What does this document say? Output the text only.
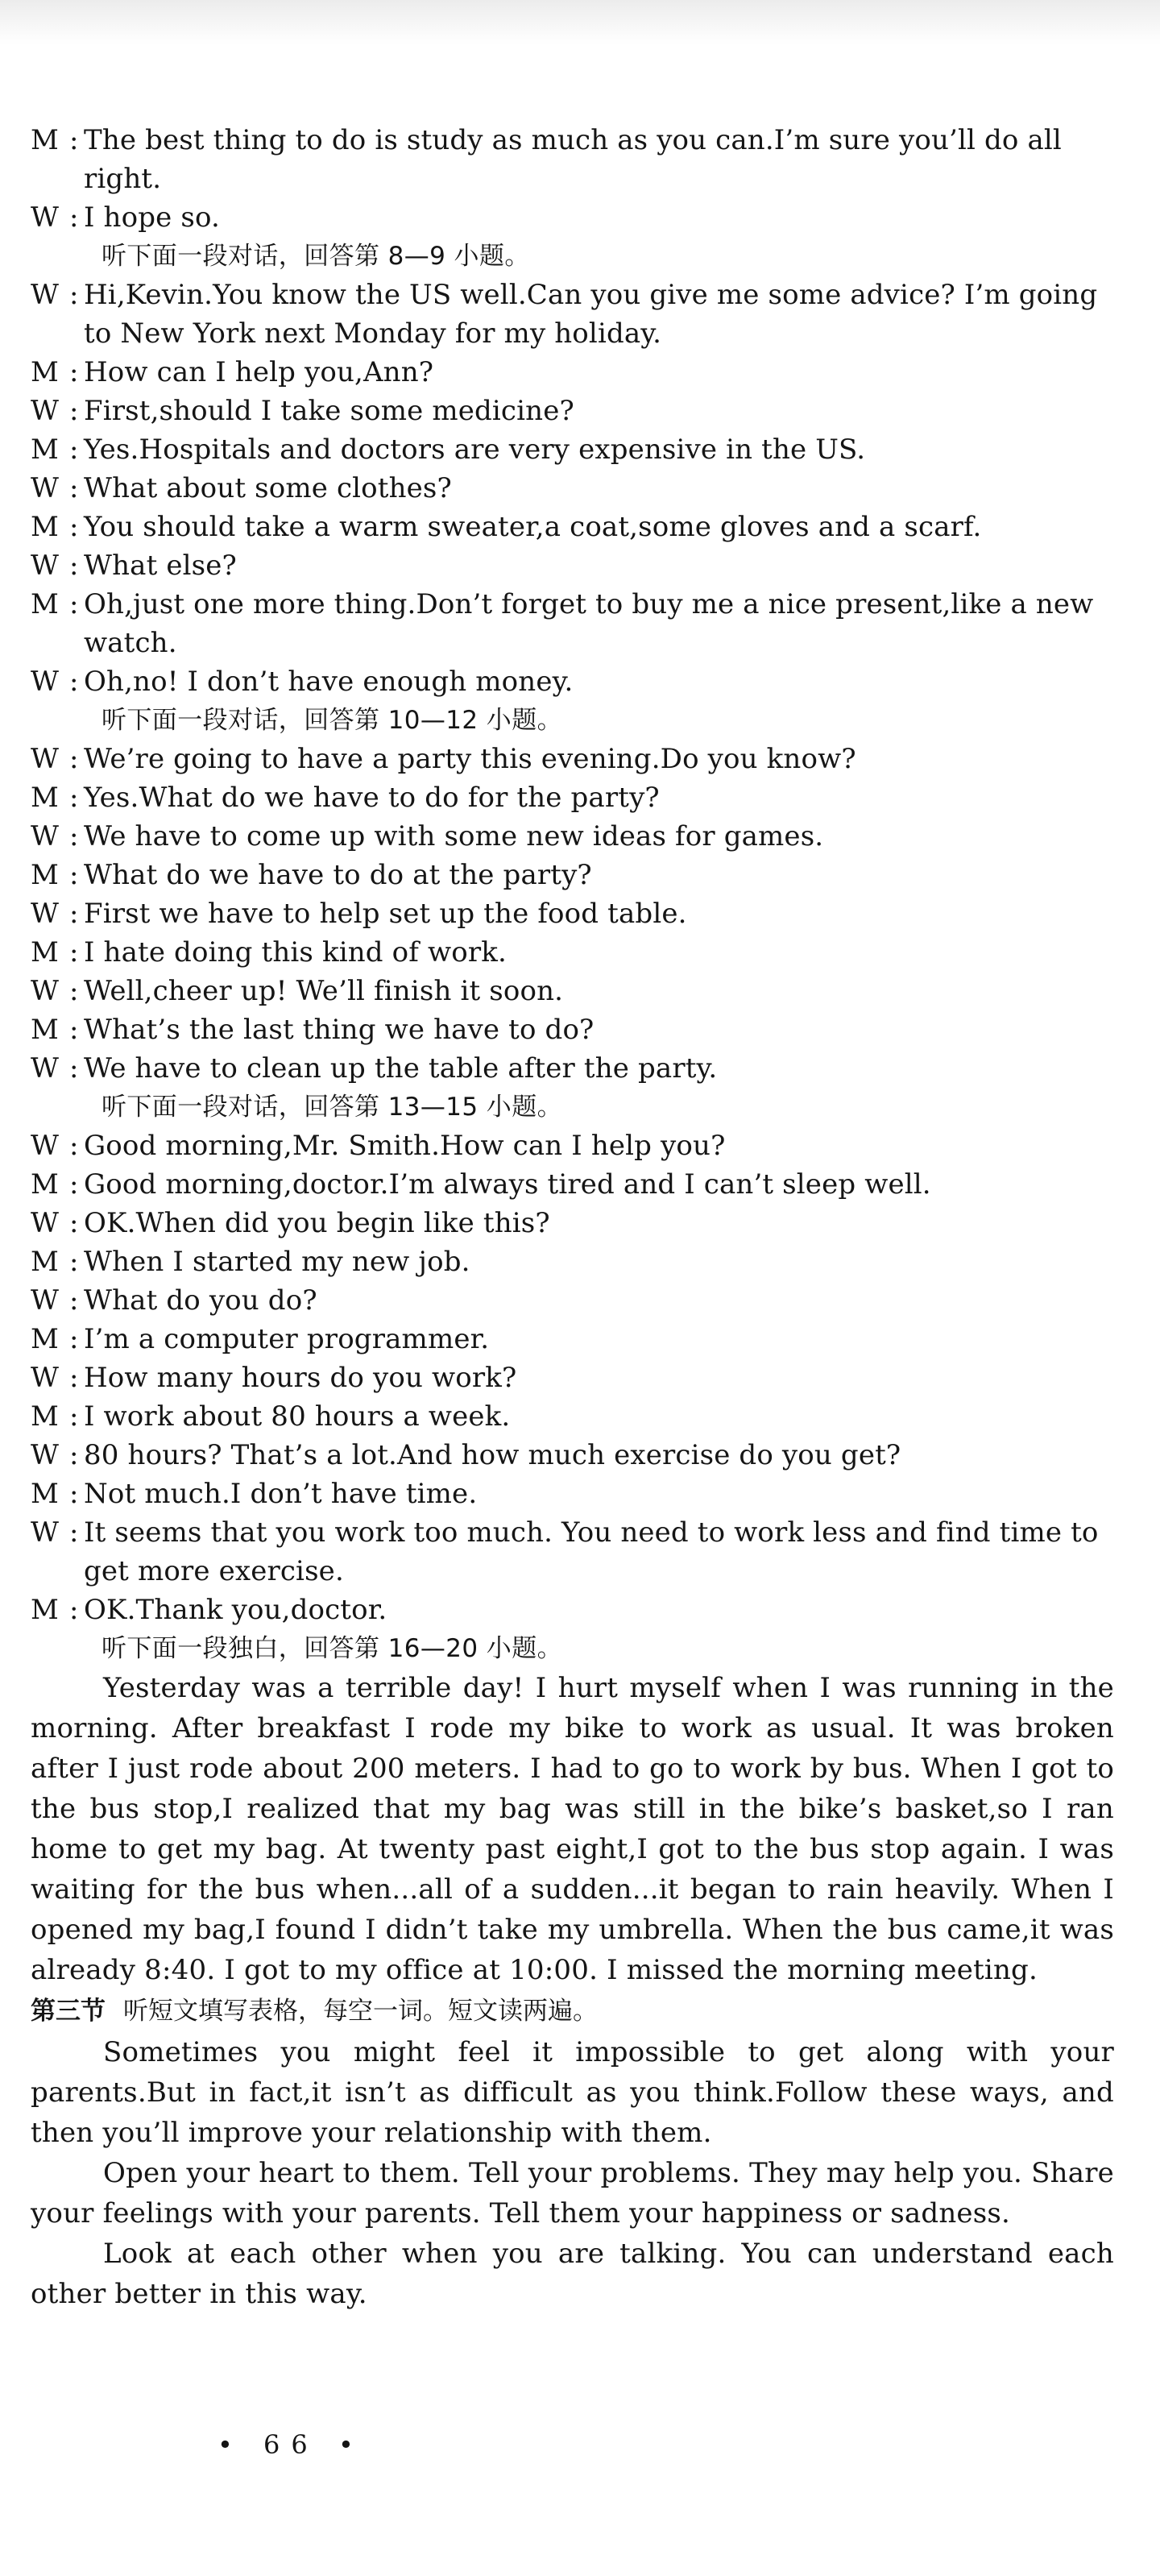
M : The best thing to do is study as much as you can.I’m sure you’ll do all right.
W : I hope so.
听下面一段对话，回答第 8—9 小题。
W : Hi,Kevin.You know the US well.Can you give me some advice? I’m going to New York next Monday for my holiday.
M : How can I help you,Ann?
W : First,should I take some medicine?
M : Yes.Hospitals and doctors are very expensive in the US.
W : What about some clothes?
M : You should take a warm sweater,a coat,some gloves and a scarf.
W : What else?
M : Oh,just one more thing.Don’t forget to buy me a nice present,like a new watch.
W : Oh,no! I don’t have enough money.
听下面一段对话，回答第 10—12 小题。
W : We’re going to have a party this evening.Do you know?
M : Yes.What do we have to do for the party?
W : We have to come up with some new ideas for games.
M : What do we have to do at the party?
W : First we have to help set up the food table.
M : I hate doing this kind of work.
W : Well,cheer up! We’ll finish it soon.
M : What’s the last thing we have to do?
W : We have to clean up the table after the party.
听下面一段对话，回答第 13—15 小题。
W : Good morning,Mr. Smith.How can I help you?
M : Good morning,doctor.I’m always tired and I can’t sleep well.
W : OK.When did you begin like this?
M : When I started my new job.
W : What do you do?
M : I’m a computer programmer.
W : How many hours do you work?
M : I work about 80 hours a week.
W : 80 hours? That’s a lot.And how much exercise do you get?
M : Not much.I don’t have time.
W : It seems that you work too much. You need to work less and find time to get more exercise.
M : OK.Thank you,doctor.
听下面一段独白，回答第 16—20 小题。

Yesterday was a terrible day! I hurt myself when I was running in the morning. After breakfast I rode my bike to work as usual. It was broken after I just rode about 200 meters. I had to go to work by bus. When I got to the bus stop,I realized that my bag was still in the bike’s basket,so I ran home to get my bag. At twenty past eight,I got to the bus stop again. I was waiting for the bus when...all of a sudden...it began to rain heavily. When I opened my bag,I found I didn’t take my umbrella. When the bus came,it was already 8:40. I got to my office at 10:00. I missed the morning meeting.

第三节 听短文填写表格，每空一词。短文读两遍。

Sometimes you might feel it impossible to get along with your parents.But in fact,it isn’t as difficult as you think.Follow these ways, and then you’ll improve your relationship with them.

Open your heart to them. Tell your problems. They may help you. Share your feelings with your parents. Tell them your happiness or sadness.

Look at each other when you are talking. You can understand each other better in this way.

• 66 •
